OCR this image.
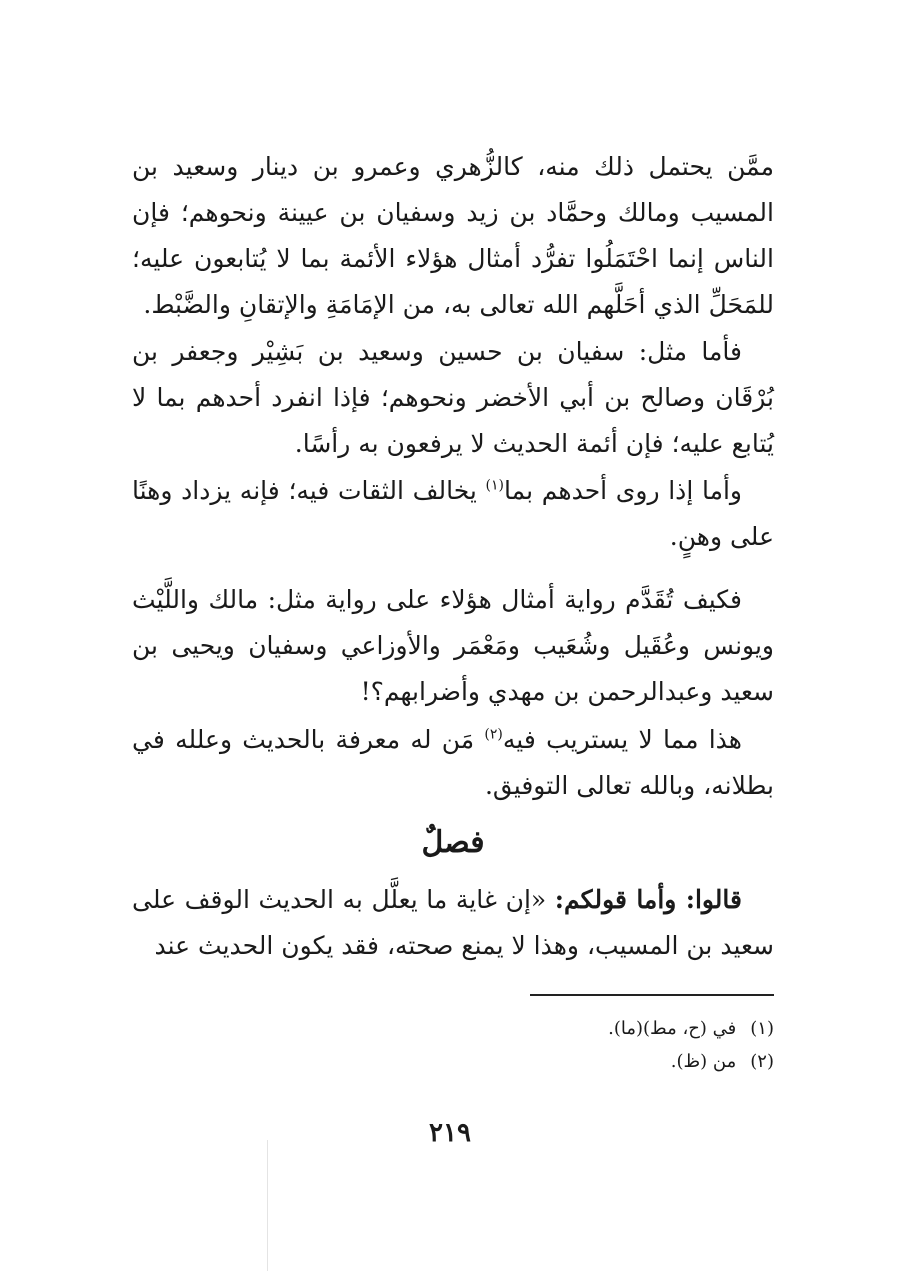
ممَّن يحتمل ذلك منه، كالزُّهري وعمرو بن دينار وسعيد بن المسيب ومالك وحمَّاد بن زيد وسفيان بن عيينة ونحوهم؛ فإن الناس إنما احْتَمَلُوا تفرُّد أمثال هؤلاء الأئمة بما لا يُتابعون عليه؛ للمَحَلِّ الذي أحَلَّهم الله تعالى به، من الإمَامَةِ والإتقانِ والضَّبْط.

فأما مثل: سفيان بن حسين وسعيد بن بَشِيْر وجعفر بن بُرْقَان وصالح بن أبي الأخضر ونحوهم؛ فإذا انفرد أحدهم بما لا يُتابع عليه؛ فإن أئمة الحديث لا يرفعون به رأسًا.

وأما إذا روى أحدهم بما$^{(١)}$ يخالف الثقات فيه؛ فإنه يزداد وهنًا على وهنٍ.

فكيف تُقَدَّم رواية أمثال هؤلاء على رواية مثل: مالك واللَّيْث ويونس وعُقَيل وشُعَيب ومَعْمَر والأوزاعي وسفيان ويحيى بن سعيد وعبدالرحمن بن مهدي وأضرابهم؟!

هذا مما لا يستريب فيه$^{(٢)}$ مَن له معرفة بالحديث وعلله في بطلانه، وبالله تعالى التوفيق.

فصلٌ

قالوا: وأما قولكم: «إن غاية ما يعلَّل به الحديث الوقف على سعيد بن المسيب، وهذا لا يمنع صحته، فقد يكون الحديث عند

(١)في (ح، مط)(ما).

(٢)من (ظ).

٢١٩
